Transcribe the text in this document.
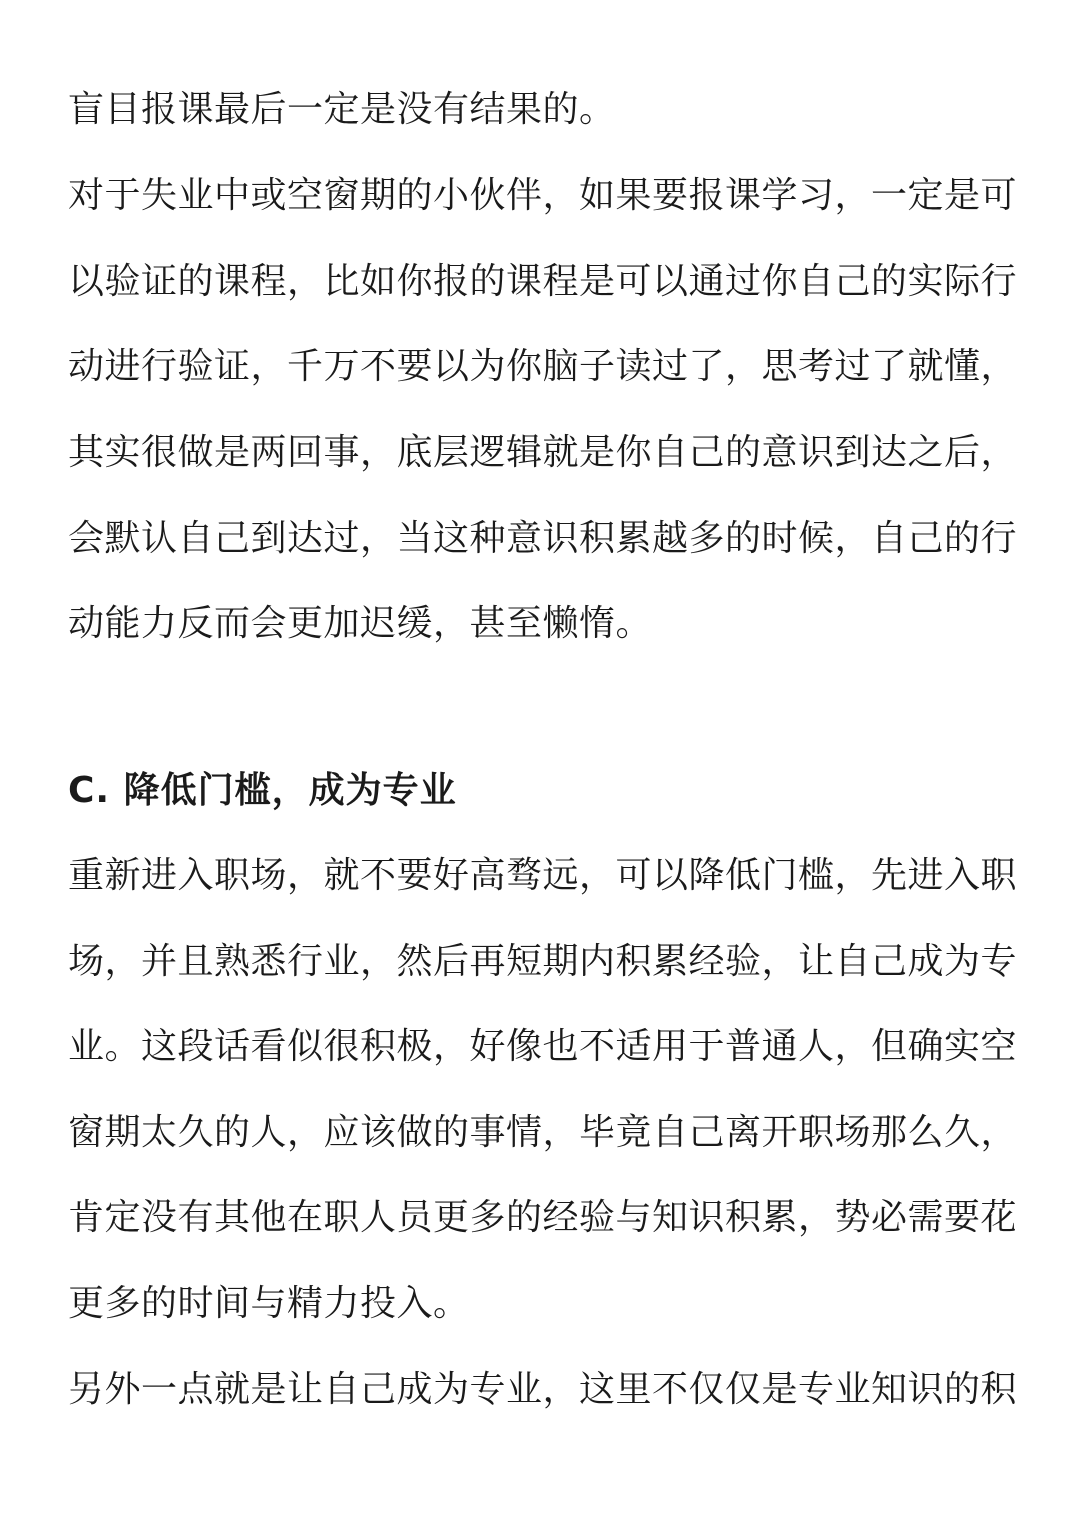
盲目报课最后一定是没有结果的。

对于失业中或空窗期的小伙伴，如果要报课学习，一定是可

以验证的课程，比如你报的课程是可以通过你自己的实际行

动进行验证，千万不要以为你脑子读过了，思考过了就懂，

其实很做是两回事，底层逻辑就是你自己的意识到达之后，

会默认自己到达过，当这种意识积累越多的时候，自己的行

动能力反而会更加迟缓，甚至懒惰。

C. 降低门槛，成为专业

重新进入职场，就不要好高骛远，可以降低门槛，先进入职

场，并且熟悉行业，然后再短期内积累经验，让自己成为专

业。这段话看似很积极，好像也不适用于普通人，但确实空

窗期太久的人，应该做的事情，毕竟自己离开职场那么久，

肯定没有其他在职人员更多的经验与知识积累，势必需要花

更多的时间与精力投入。

另外一点就是让自己成为专业，这里不仅仅是专业知识的积
